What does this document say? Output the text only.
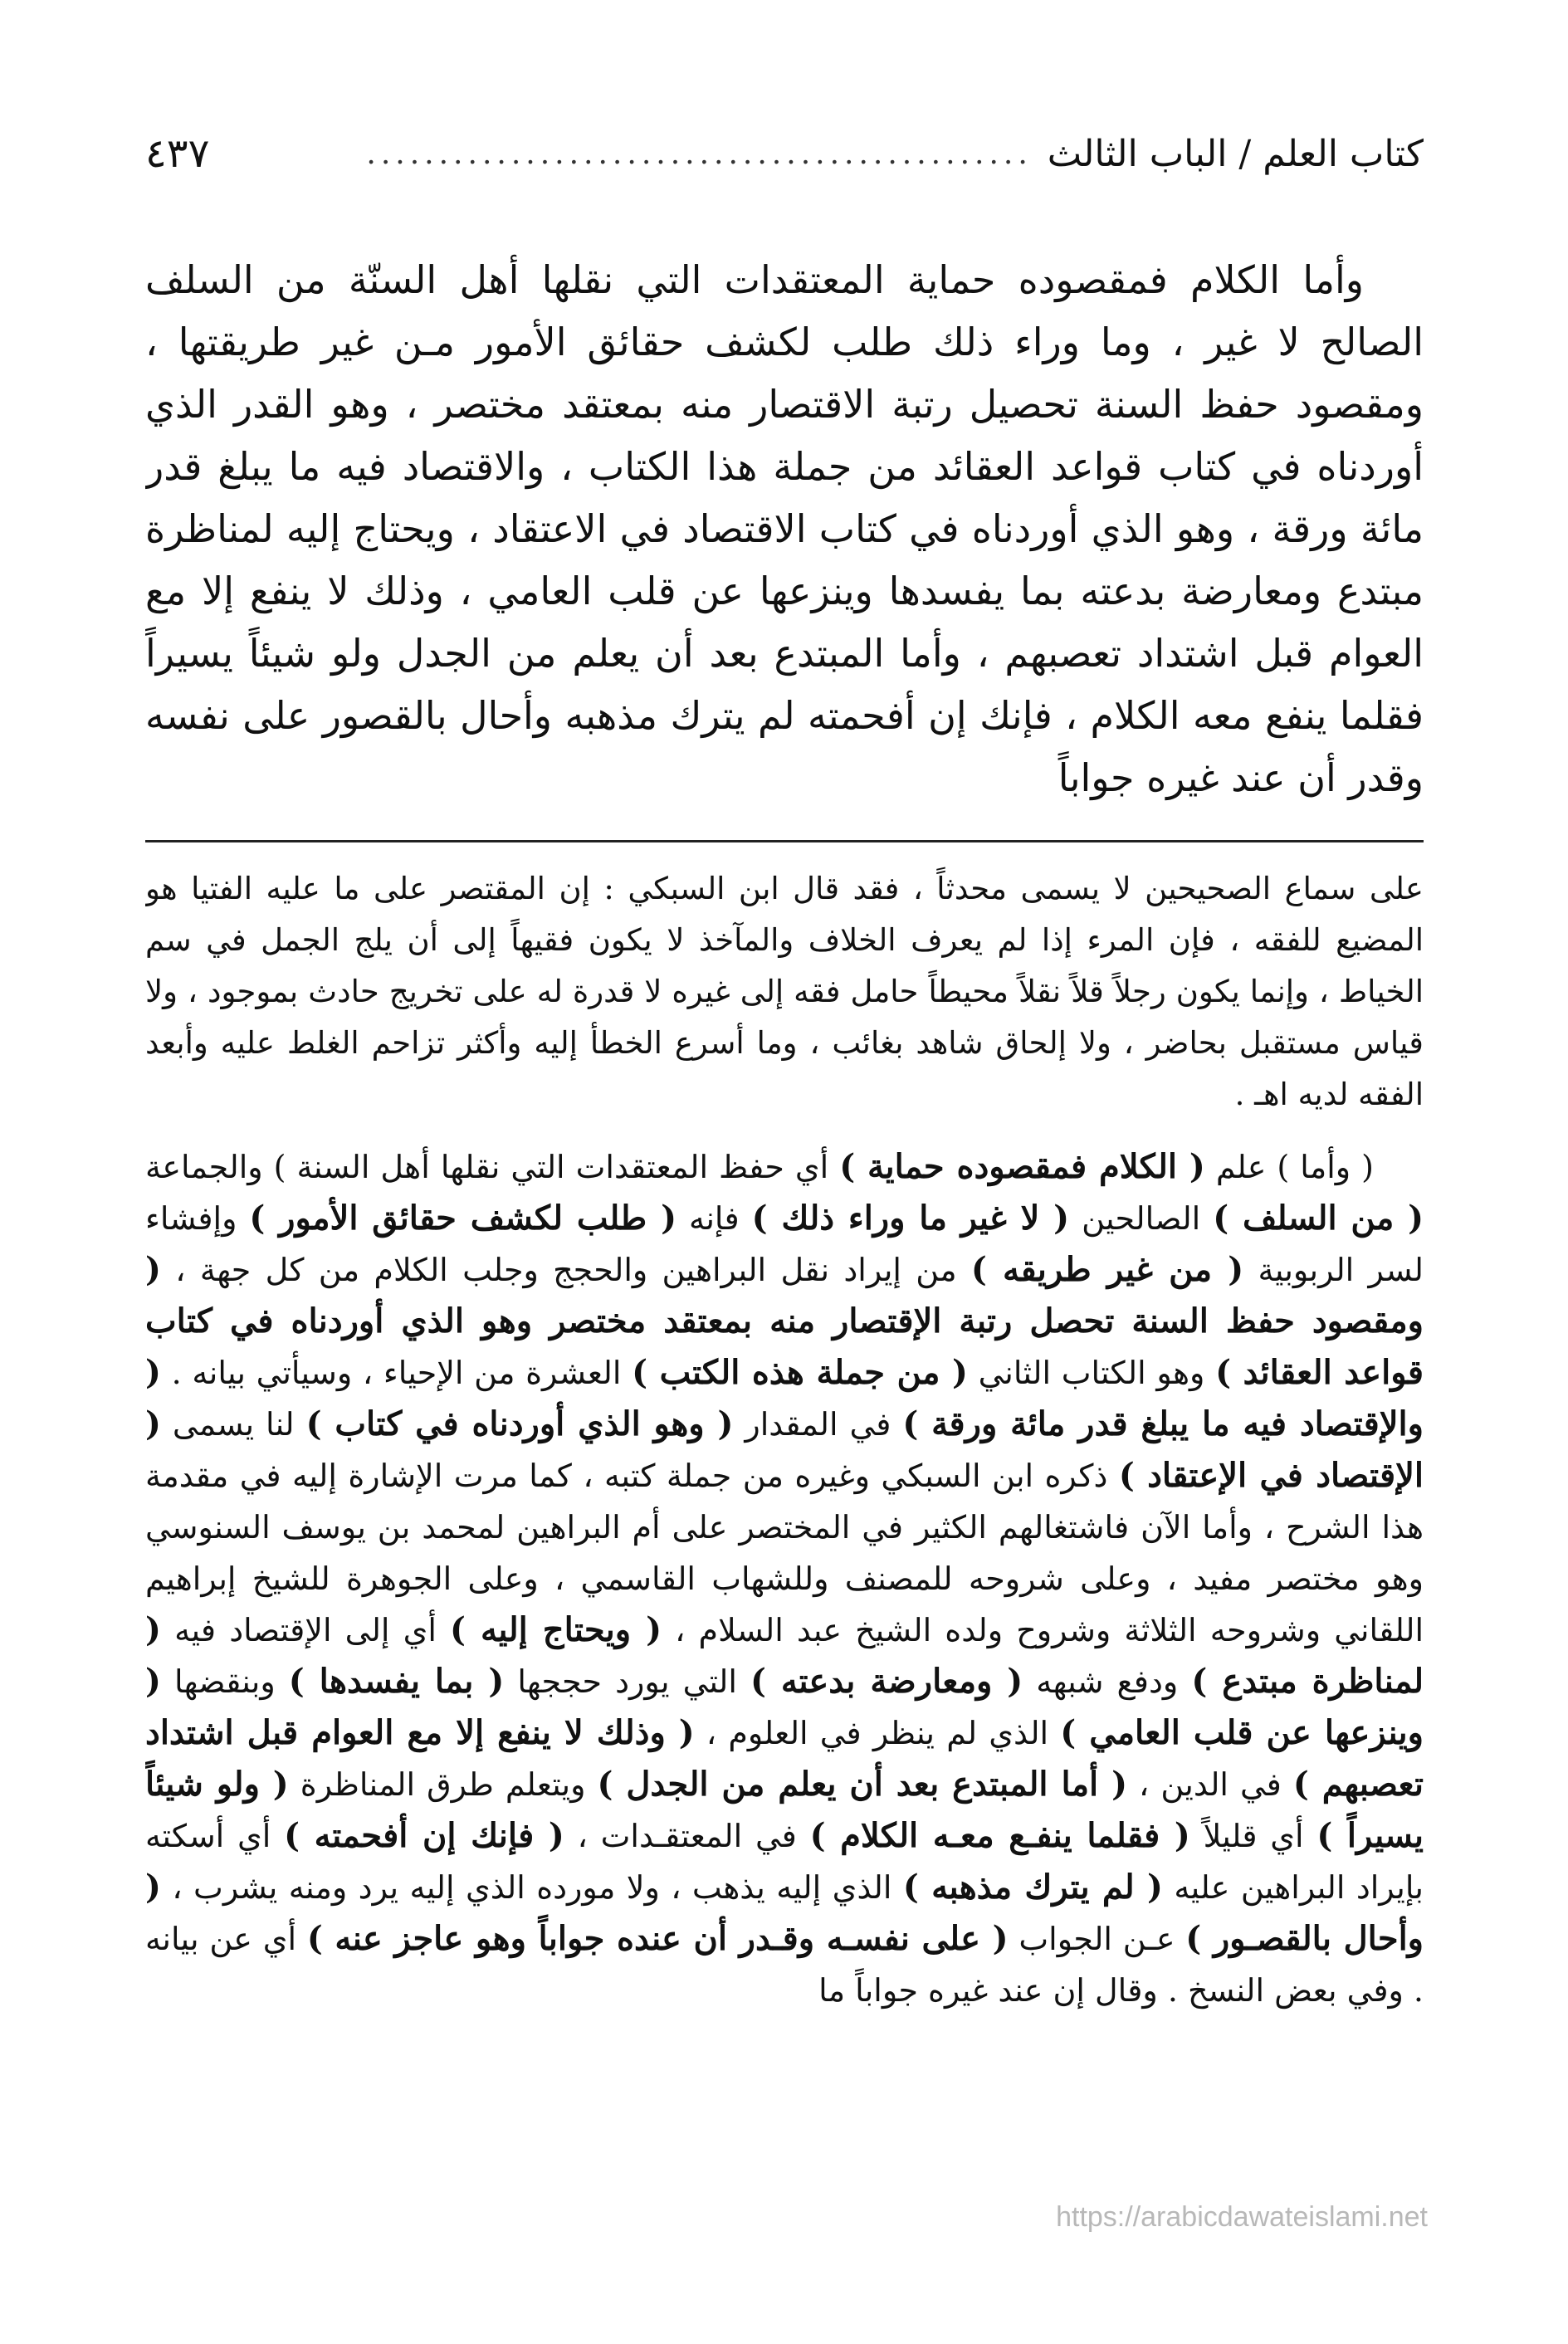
كتاب العلم / الباب الثالث
..............................................
٤٣٧

وأما الكلام فمقصوده حماية المعتقدات التي نقلها أهل السنّة من السلف الصالح لا غير ، وما وراء ذلك طلب لكشف حقائق الأمور مـن غير طريقتها ، ومقصود حفظ السنة تحصيل رتبة الاقتصار منه بمعتقد مختصر ، وهو القدر الذي أوردناه في كتاب قواعد العقائد من جملة هذا الكتاب ، والاقتصاد فيه ما يبلغ قدر مائة ورقة ، وهو الذي أوردناه في كتاب الاقتصاد في الاعتقاد ، ويحتاج إليه لمناظرة مبتدع ومعارضة بدعته بما يفسدها وينزعها عن قلب العامي ، وذلك لا ينفع إلا مع العوام قبل اشتداد تعصبهم ، وأما المبتدع بعد أن يعلم من الجدل ولو شيئاً يسيراً فقلما ينفع معه الكلام ، فإنك إن أفحمته لم يترك مذهبه وأحال بالقصور على نفسه وقدر أن عند غيره جواباً

على سماع الصحيحين لا يسمى محدثاً ، فقد قال ابن السبكي : إن المقتصر على ما عليه الفتيا هو المضيع للفقه ، فإن المرء إذا لم يعرف الخلاف والمآخذ لا يكون فقيهاً إلى أن يلج الجمل في سم الخياط ، وإنما يكون رجلاً قلاً نقلاً محيطاً حامل فقه إلى غيره لا قدرة له على تخريج حادث بموجود ، ولا قياس مستقبل بحاضر ، ولا إلحاق شاهد بغائب ، وما أسرع الخطأ إليه وأكثر تزاحم الغلط عليه وأبعد الفقه لديه اهـ .

( وأما ) علم ( الكلام فمقصوده حماية ) أي حفظ المعتقدات التي نقلها أهل السنة ) والجماعة ( من السلف ) الصالحين ( لا غير ما وراء ذلك ) فإنه ( طلب لكشف حقائق الأمور ) وإفشاء لسر الربوبية ( من غير طريقه ) من إيراد نقل البراهين والحجج وجلب الكلام من كل جهة ، ( ومقصود حفظ السنة تحصل رتبة الإقتصار منه بمعتقد مختصر وهو الذي أوردناه في كتاب قواعد العقائد ) وهو الكتاب الثاني ( من جملة هذه الكتب ) العشرة من الإحياء ، وسيأتي بيانه . ( والإقتصاد فيه ما يبلغ قدر مائة ورقة ) في المقدار ( وهو الذي أوردناه في كتاب ) لنا يسمى ( الإقتصاد في الإعتقاد ) ذكره ابن السبكي وغيره من جملة كتبه ، كما مرت الإشارة إليه في مقدمة هذا الشرح ، وأما الآن فاشتغالهم الكثير في المختصر على أم البراهين لمحمد بن يوسف السنوسي وهو مختصر مفيد ، وعلى شروحه للمصنف وللشهاب القاسمي ، وعلى الجوهرة للشيخ إبراهيم اللقاني وشروحه الثلاثة وشروح ولده الشيخ عبد السلام ، ( ويحتاج إليه ) أي إلى الإقتصاد فيه ( لمناظرة مبتدع ) ودفع شبهه ( ومعارضة بدعته ) التي يورد حججها ( بما يفسدها ) وبنقضها ( وينزعها عن قلب العامي ) الذي لم ينظر في العلوم ، ( وذلك لا ينفع إلا مع العوام قبل اشتداد تعصبهم ) في الدين ، ( أما المبتدع بعد أن يعلم من الجدل ) ويتعلم طرق المناظرة ( ولو شيئاً يسيراً ) أي قليلاً ( فقلما ينفـع معـه الكلام ) في المعتقـدات ، ( فإنك إن أفحمته ) أي أسكته بإيراد البراهين عليه ( لم يترك مذهبه ) الذي إليه يذهب ، ولا مورده الذي إليه يرد ومنه يشرب ، ( وأحال بالقصـور ) عـن الجواب ( على نفسـه وقـدر أن عنده جواباً وهو عاجز عنه ) أي عن بيانه . وفي بعض النسخ . وقال إن عند غيره جواباً ما

https://arabicdawateislami.net
